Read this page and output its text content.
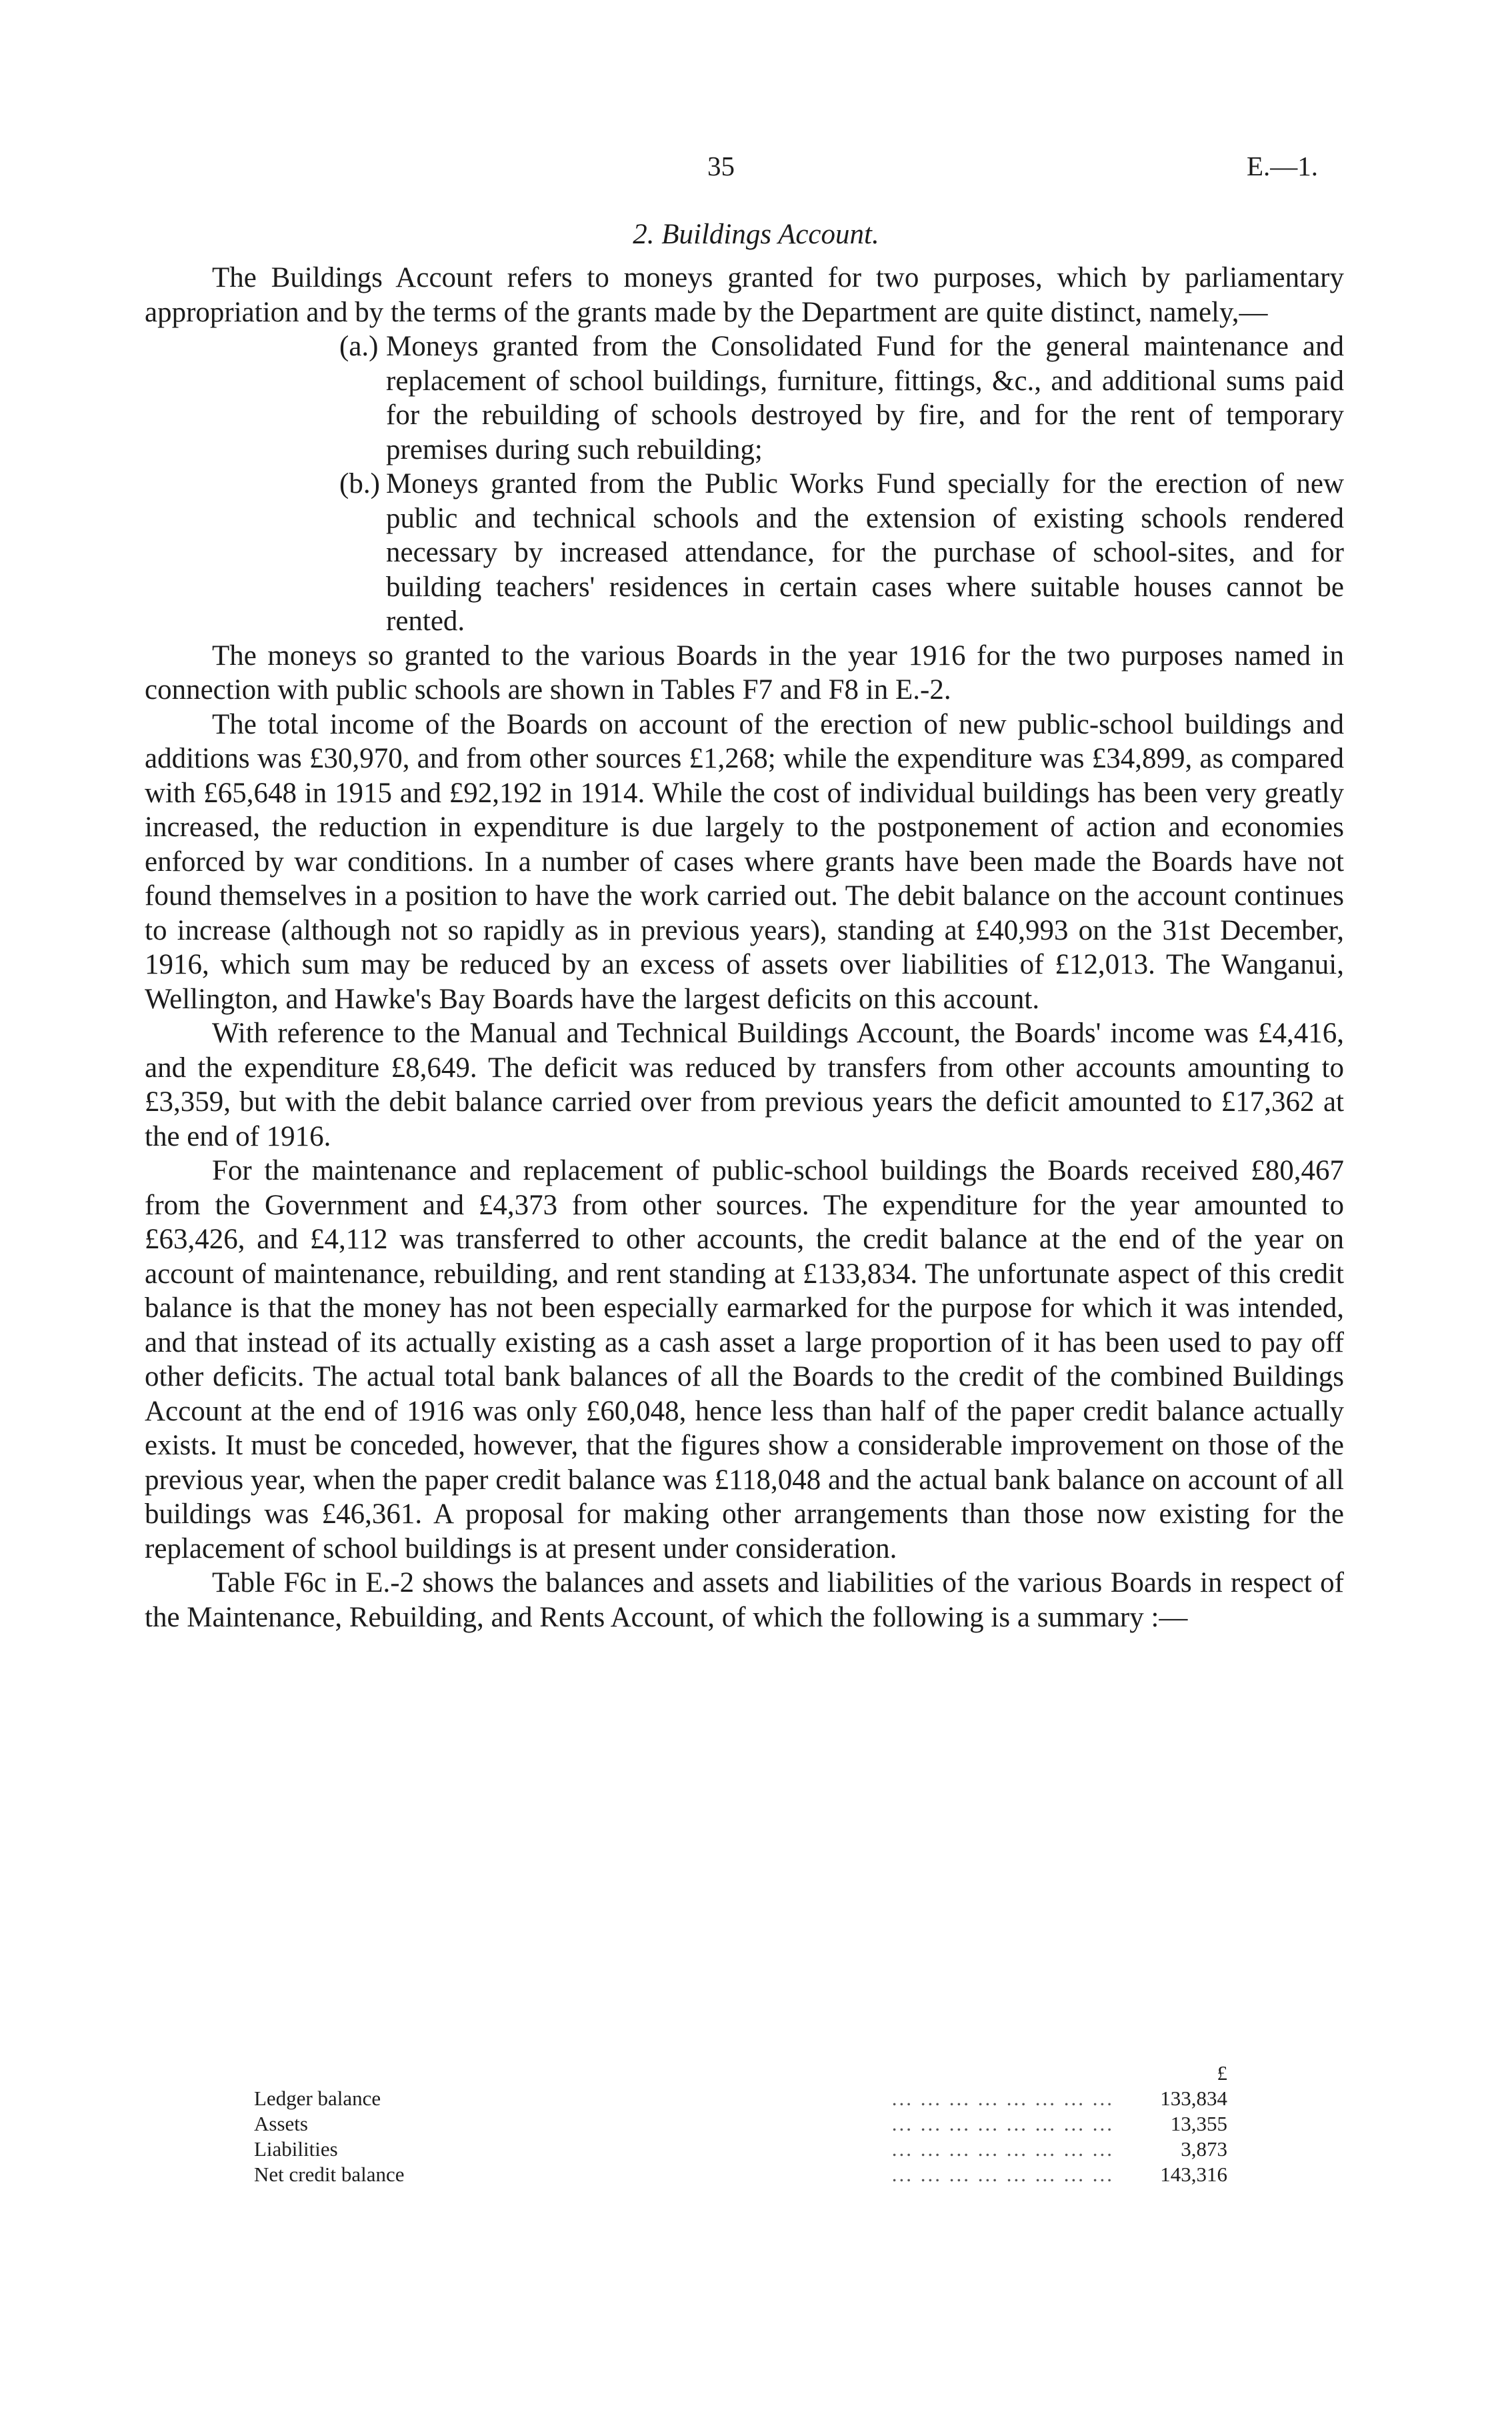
35	E.—1.
2. Buildings Account.

The Buildings Account refers to moneys granted for two purposes, which by parliamentary appropriation and by the terms of the grants made by the Department are quite distinct, namely,—

(a.) Moneys granted from the Consolidated Fund for the general maintenance and replacement of school buildings, furniture, fittings, &c., and additional sums paid for the rebuilding of schools destroyed by fire, and for the rent of temporary premises during such rebuilding;

(b.) Moneys granted from the Public Works Fund specially for the erection of new public and technical schools and the extension of existing schools rendered necessary by increased attendance, for the purchase of school-sites, and for building teachers' residences in certain cases where suitable houses cannot be rented.

The moneys so granted to the various Boards in the year 1916 for the two purposes named in connection with public schools are shown in Tables F7 and F8 in E.-2.

The total income of the Boards on account of the erection of new public-school buildings and additions was £30,970, and from other sources £1,268; while the expenditure was £34,899, as compared with £65,648 in 1915 and £92,192 in 1914. While the cost of individual buildings has been very greatly increased, the reduction in expenditure is due largely to the postponement of action and economies enforced by war conditions. In a number of cases where grants have been made the Boards have not found themselves in a position to have the work carried out. The debit balance on the account continues to increase (although not so rapidly as in previous years), standing at £40,993 on the 31st December, 1916, which sum may be reduced by an excess of assets over liabilities of £12,013. The Wanganui, Wellington, and Hawke's Bay Boards have the largest deficits on this account.

With reference to the Manual and Technical Buildings Account, the Boards' income was £4,416, and the expenditure £8,649. The deficit was reduced by transfers from other accounts amounting to £3,359, but with the debit balance carried over from previous years the deficit amounted to £17,362 at the end of 1916.

For the maintenance and replacement of public-school buildings the Boards received £80,467 from the Government and £4,373 from other sources. The expenditure for the year amounted to £63,426, and £4,112 was transferred to other accounts, the credit balance at the end of the year on account of maintenance, rebuilding, and rent standing at £133,834. The unfortunate aspect of this credit balance is that the money has not been especially earmarked for the purpose for which it was intended, and that instead of its actually existing as a cash asset a large proportion of it has been used to pay off other deficits. The actual total bank balances of all the Boards to the credit of the combined Buildings Account at the end of 1916 was only £60,048, hence less than half of the paper credit balance actually exists. It must be conceded, however, that the figures show a considerable improvement on those of the previous year, when the paper credit balance was £118,048 and the actual bank balance on account of all buildings was £46,361. A proposal for making other arrangements than those now existing for the replacement of school buildings is at present under consideration.

Table F6c in E.-2 shows the balances and assets and liabilities of the various Boards in respect of the Maintenance, Rebuilding, and Rents Account, of which the following is a summary :—

£
Ledger balance	... ... ... ... ... ... ... ...	133,834
Assets	... ... ... ... ... ... ... ...	13,355
Liabilities	... ... ... ... ... ... ... ...	3,873
Net credit balance	... ... ... ... ... ... ... ...	143,316
